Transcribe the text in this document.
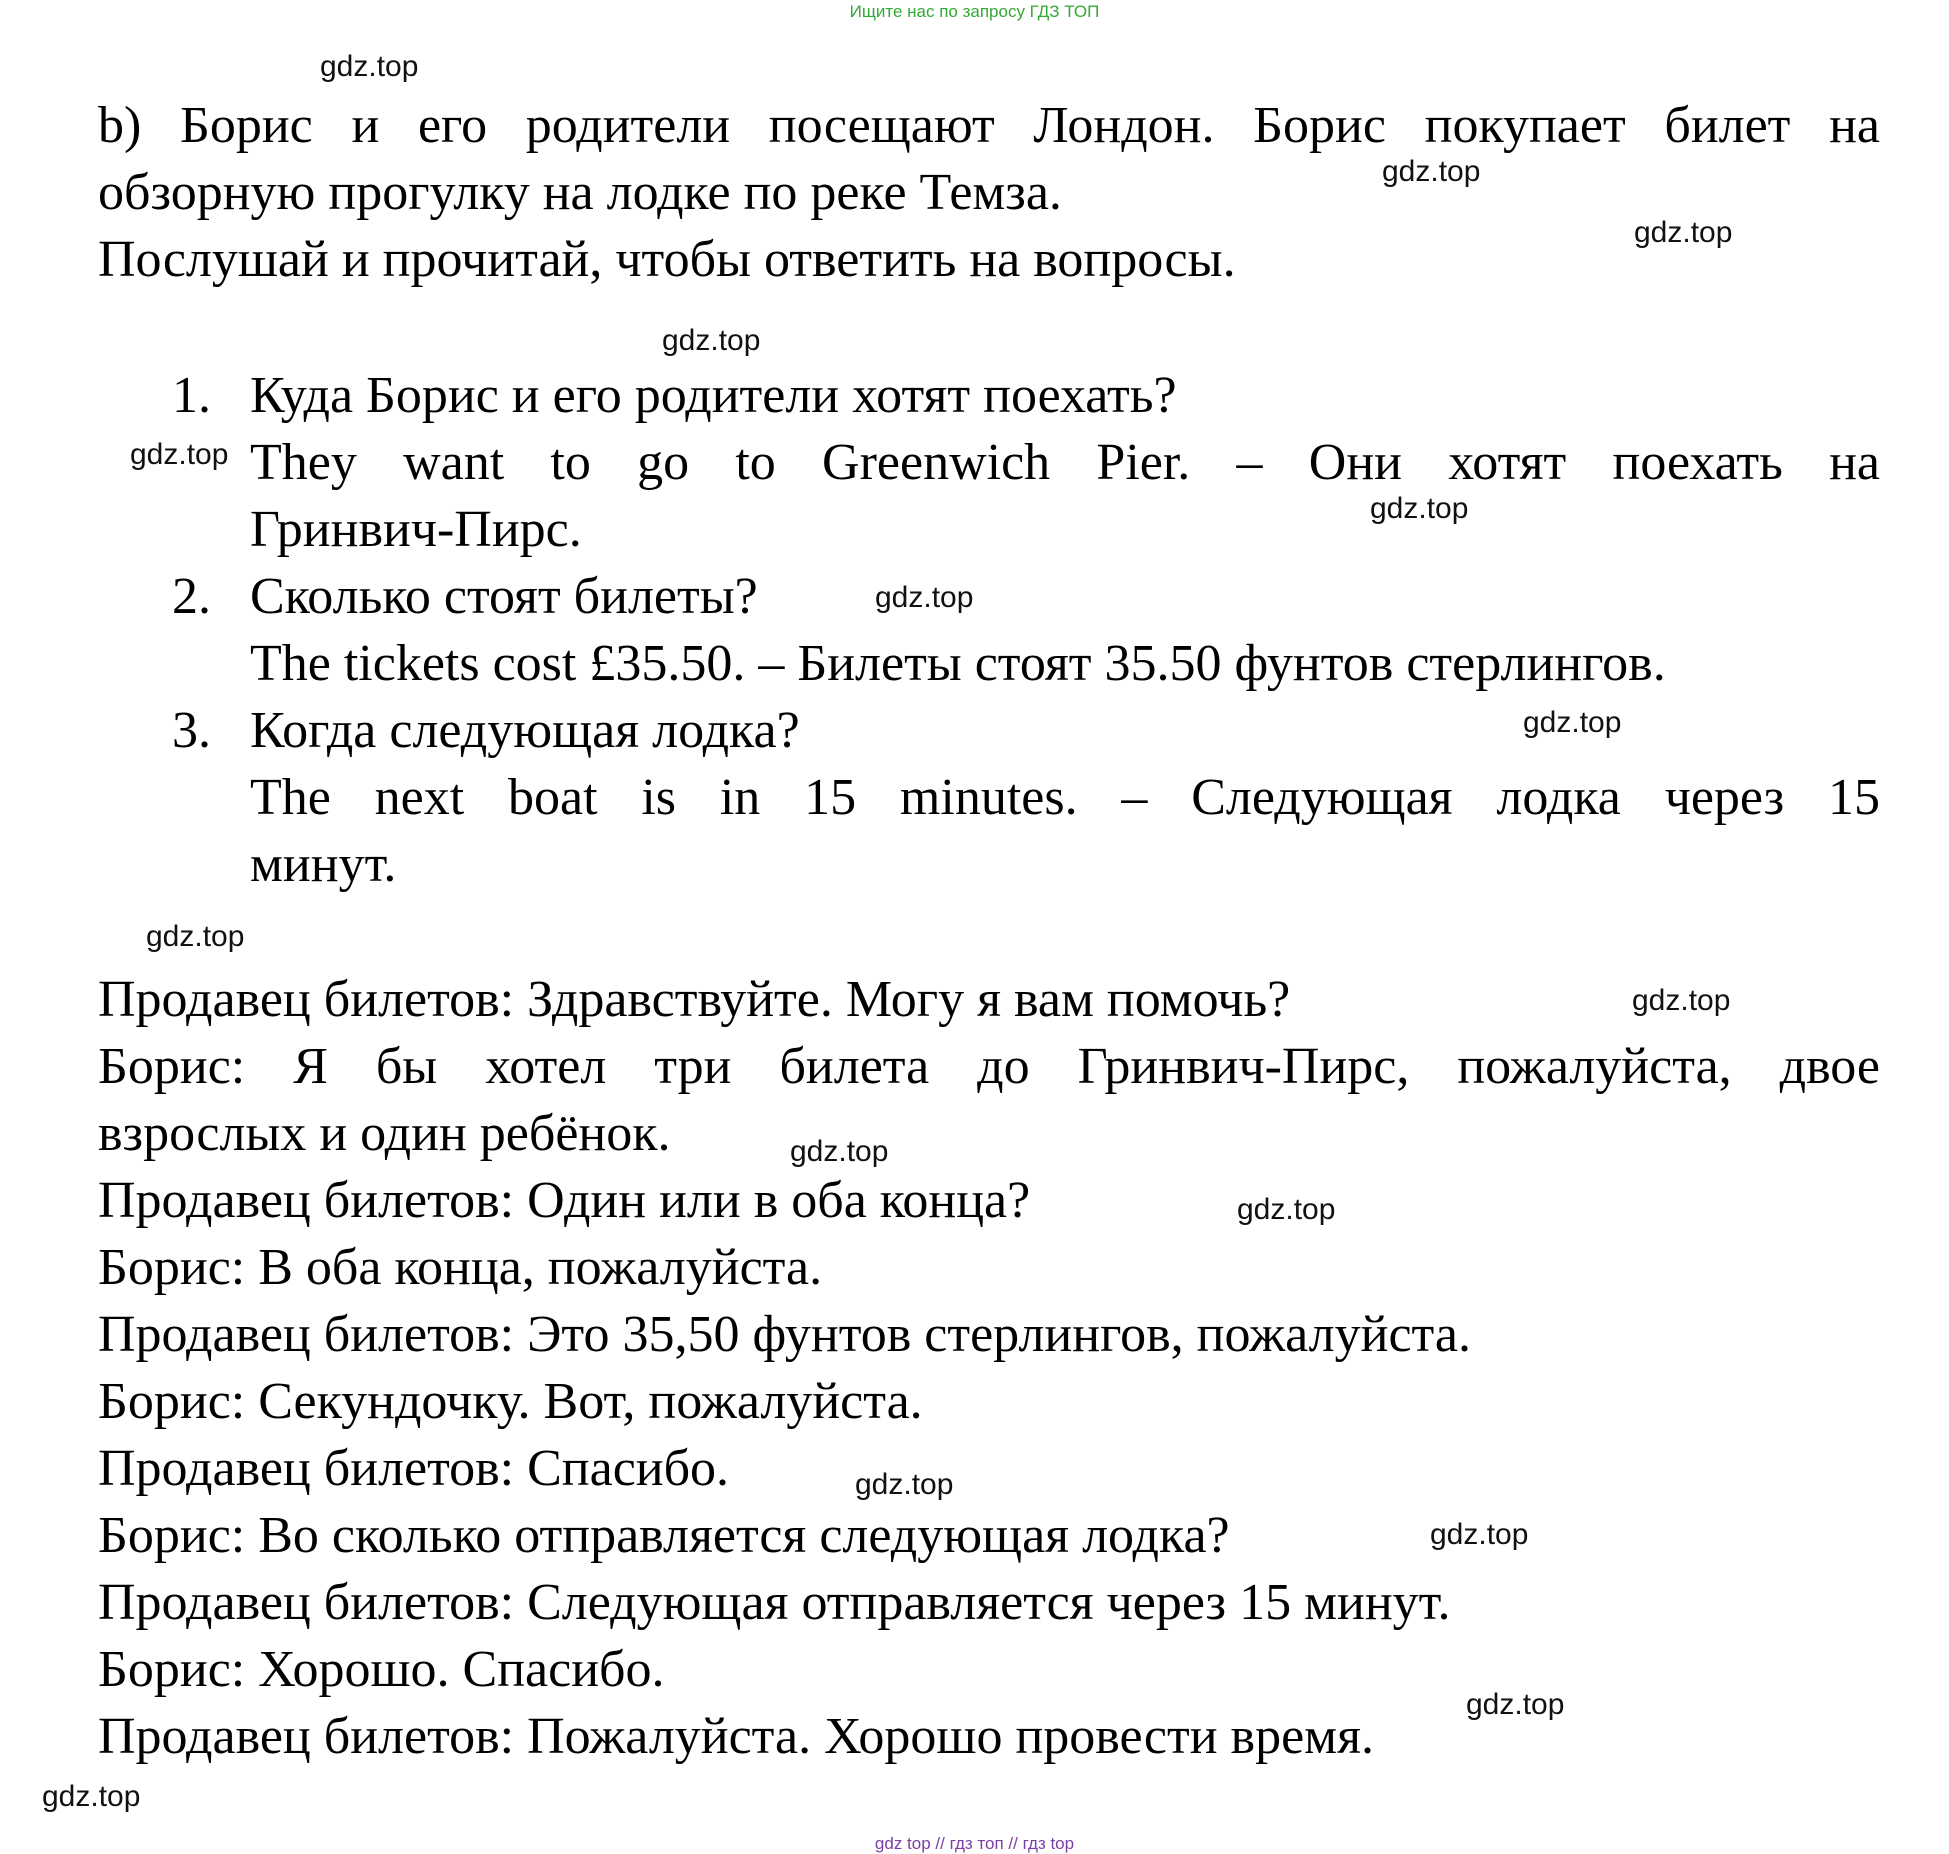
Ищите нас по запросу ГДЗ ТОП
b) Борис и его родители посещают Лондон. Борис покупает билет на
обзорную прогулку на лодке по реке Темза.
Послушай и прочитай, чтобы ответить на вопросы.
1. Куда Борис и его родители хотят поехать?
They want to go to Greenwich Pier. – Они хотят поехать на
Гринвич-Пирс.
2. Сколько стоят билеты?
The tickets cost £35.50. – Билеты стоят 35.50 фунтов стерлингов.
3. Когда следующая лодка?
The next boat is in 15 minutes. – Следующая лодка через 15
минут.
Продавец билетов: Здравствуйте. Могу я вам помочь?
Борис: Я бы хотел три билета до Гринвич-Пирс, пожалуйста, двое
взрослых и один ребёнок.
Продавец билетов: Один или в оба конца?
Борис: В оба конца, пожалуйста.
Продавец билетов: Это 35,50 фунтов стерлингов, пожалуйста.
Борис: Секундочку. Вот, пожалуйста.
Продавец билетов: Спасибо.
Борис: Во сколько отправляется следующая лодка?
Продавец билетов: Следующая отправляется через 15 минут.
Борис: Хорошо. Спасибо.
Продавец билетов: Пожалуйста. Хорошо провести время.
gdz.top
gdz.top
gdz.top
gdz.top
gdz.top
gdz.top
gdz.top
gdz.top
gdz.top
gdz.top
gdz.top
gdz.top
gdz.top
gdz.top
gdz.top
gdz.top
gdz top // гдз топ // гдз top
